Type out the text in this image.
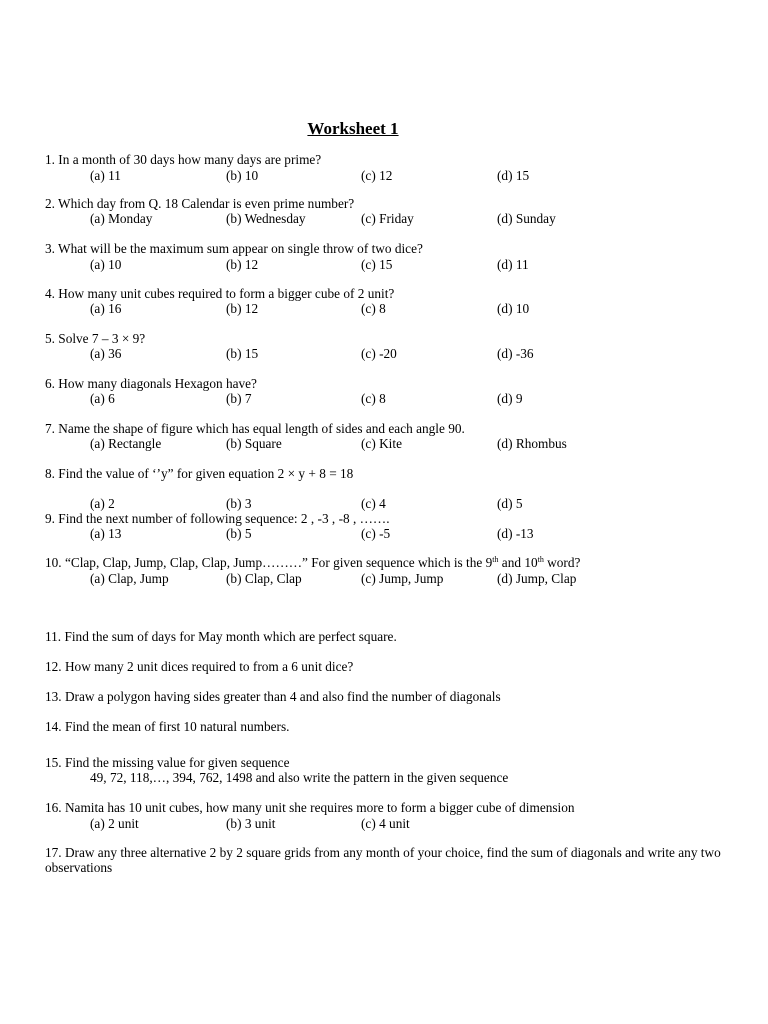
Worksheet 1
1. In a month of 30 days how many days are prime?
(a) 11	(b) 10	(c) 12	(d) 15
2. Which day from Q. 18 Calendar is even prime number?
(a) Monday	(b) Wednesday	(c) Friday	(d) Sunday
3. What will be the maximum sum appear on single throw of two dice?
(a) 10	(b) 12	(c) 15	(d) 11
4. How many unit cubes required to form a bigger cube of 2 unit?
(a) 16	(b) 12	(c) 8	(d) 10
5. Solve 7 – 3 × 9?
(a) 36	(b) 15	(c) -20	(d) -36
6. How many diagonals Hexagon have?
(a) 6	(b) 7	(c) 8	(d) 9
7. Name the shape of figure which has equal length of sides and each angle 90.
(a) Rectangle	(b) Square	(c) Kite	(d) Rhombus
8. Find the value of ‘’y” for given equation 2 × y + 8 = 18
(a) 2	(b) 3	(c) 4	(d) 5
9. Find the next number of following sequence: 2 , -3 , -8 , …….
(a) 13	(b) 5	(c) -5	(d) -13
10. “Clap, Clap, Jump, Clap, Clap, Jump………” For given sequence which is the 9th and 10th word?
(a) Clap, Jump	(b) Clap, Clap	(c) Jump, Jump	(d) Jump, Clap
11. Find the sum of days for May month which are perfect square.
12. How many 2 unit dices required to from a 6 unit dice?
13. Draw a polygon having sides greater than 4 and also find the number of diagonals
14. Find the mean of first 10 natural numbers.
15. Find the missing value for given sequence
49, 72, 118,…, 394, 762, 1498 and also write the pattern in the given sequence
16. Namita has 10 unit cubes, how many unit she requires more to form a bigger cube of dimension
(a) 2 unit	(b) 3 unit	(c) 4 unit
17. Draw any three alternative 2 by 2 square grids from any month of your choice, find the sum of diagonals and write any two observations
